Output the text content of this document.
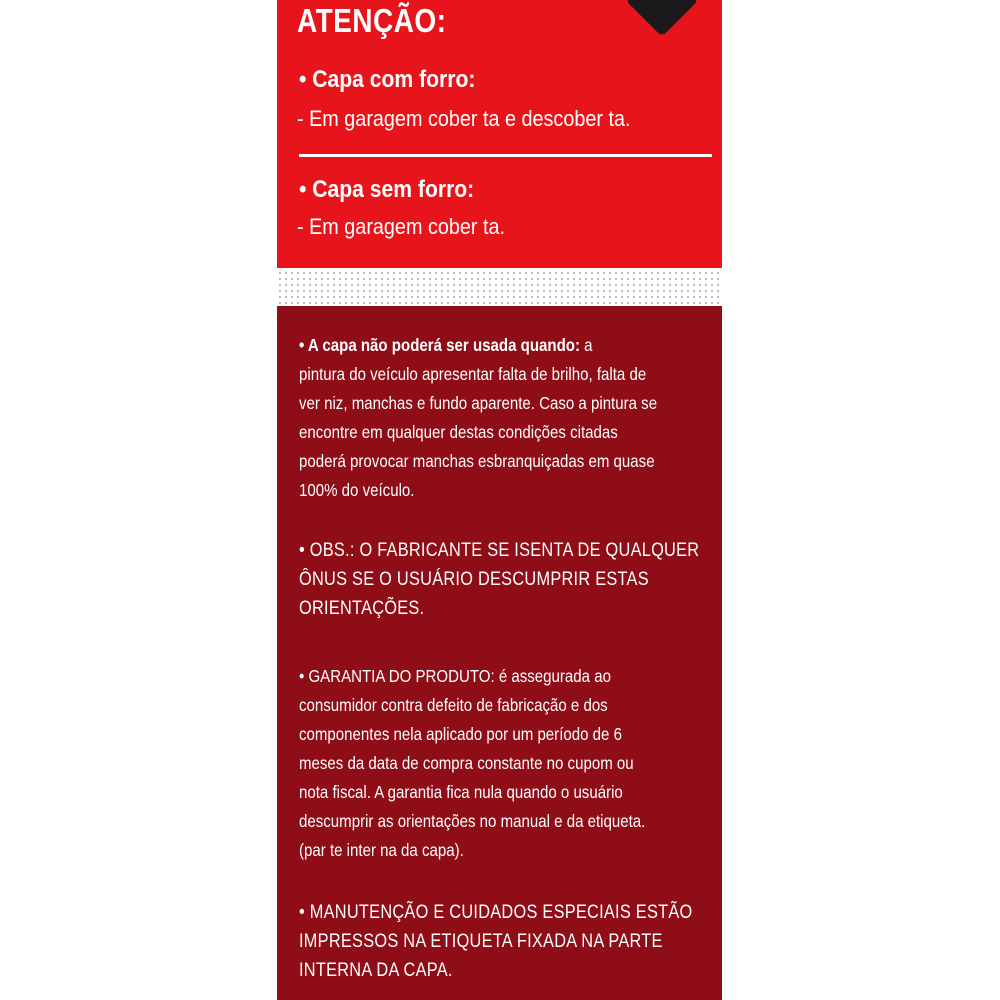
ATENÇÃO:
• Capa com forro:
- Em garagem cober ta e descober ta.
• Capa sem forro:
- Em garagem cober ta.
• A capa não poderá ser usada quando: a
pintura do veículo apresentar falta de brilho, falta de
ver niz, manchas e fundo aparente. Caso a pintura se
encontre em qualquer destas condições citadas
poderá provocar manchas esbranquiçadas em quase
100% do veículo.
• OBS.: O FABRICANTE SE ISENTA DE QUALQUER
ÔNUS SE O USUÁRIO DESCUMPRIR ESTAS
ORIENTAÇÕES.
• GARANTIA DO PRODUTO: é assegurada ao
consumidor contra defeito de fabricação e dos
componentes nela aplicado por um período de 6
meses da data de compra constante no cupom ou
nota fiscal. A garantia fica nula quando o usuário
descumprir as orientações no manual e da etiqueta.
(par te inter na da capa).
• MANUTENÇÃO E CUIDADOS ESPECIAIS ESTÃO
IMPRESSOS NA ETIQUETA FIXADA NA PARTE
INTERNA DA CAPA.
